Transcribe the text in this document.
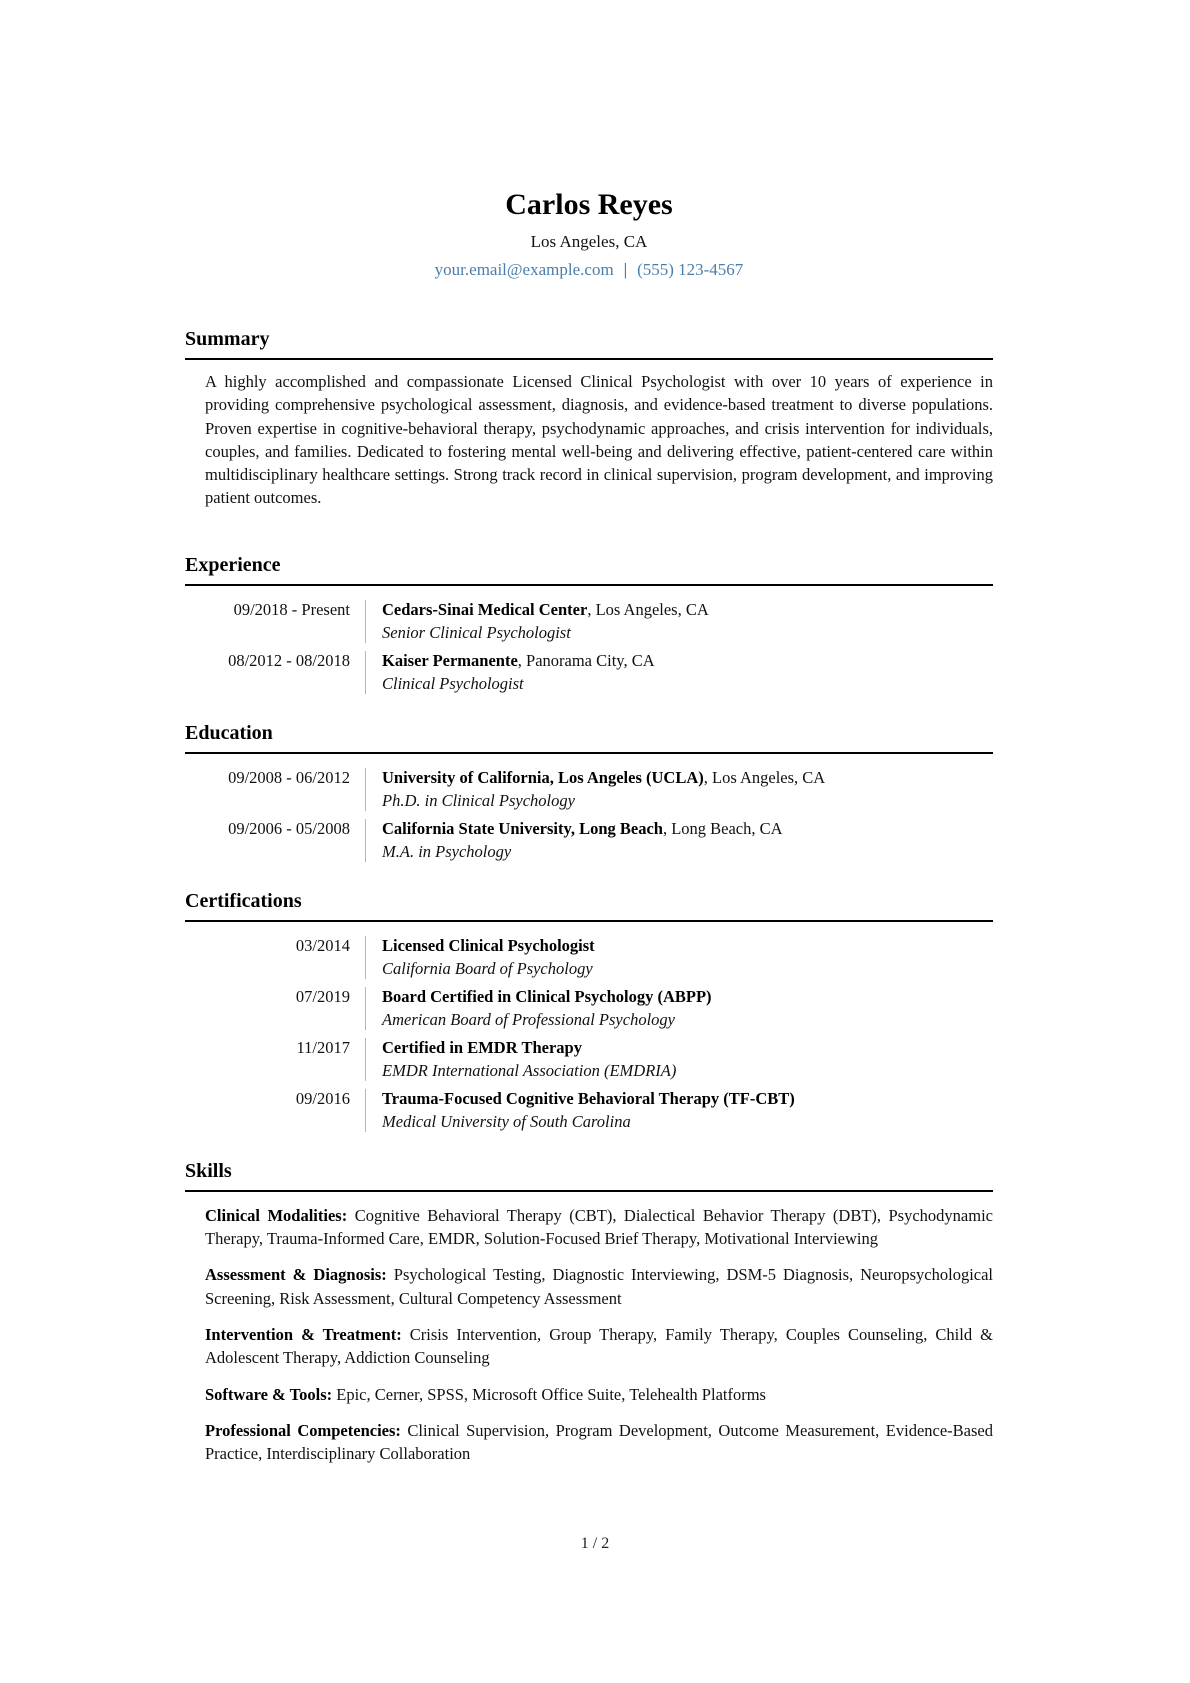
Carlos Reyes
Los Angeles, CA
your.email@example.com | (555) 123-4567
Summary

A highly accomplished and compassionate Licensed Clinical Psychologist with over 10 years of experience in providing comprehensive psychological assessment, diagnosis, and evidence-based treatment to diverse populations. Proven expertise in cognitive-behavioral therapy, psychodynamic approaches, and crisis intervention for individuals, couples, and families. Dedicated to fostering mental well-being and delivering effective, patient-centered care within multidisciplinary healthcare settings. Strong track record in clinical supervision, program development, and improving patient outcomes.

Experience
09/2018 - Present Cedars-Sinai Medical Center, Los Angeles, CA
Senior Clinical Psychologist
08/2012 - 08/2018 Kaiser Permanente, Panorama City, CA
Clinical Psychologist
Education
09/2008 - 06/2012 University of California, Los Angeles (UCLA), Los Angeles, CA
Ph.D. in Clinical Psychology
09/2006 - 05/2008 California State University, Long Beach, Long Beach, CA
M.A. in Psychology
Certifications
03/2014 Licensed Clinical Psychologist
California Board of Psychology
07/2019 Board Certified in Clinical Psychology (ABPP)
American Board of Professional Psychology
11/2017 Certified in EMDR Therapy
EMDR International Association (EMDRIA)
09/2016 Trauma-Focused Cognitive Behavioral Therapy (TF-CBT)
Medical University of South Carolina
Skills

Clinical Modalities: Cognitive Behavioral Therapy (CBT), Dialectical Behavior Therapy (DBT), Psychodynamic Therapy, Trauma-Informed Care, EMDR, Solution-Focused Brief Therapy, Motivational Interviewing

Assessment & Diagnosis: Psychological Testing, Diagnostic Interviewing, DSM-5 Diagnosis, Neuropsychological Screening, Risk Assessment, Cultural Competency Assessment

Intervention & Treatment: Crisis Intervention, Group Therapy, Family Therapy, Couples Counseling, Child & Adolescent Therapy, Addiction Counseling

Software & Tools: Epic, Cerner, SPSS, Microsoft Office Suite, Telehealth Platforms

Professional Competencies: Clinical Supervision, Program Development, Outcome Measurement, Evidence-Based Practice, Interdisciplinary Collaboration

1 / 2
